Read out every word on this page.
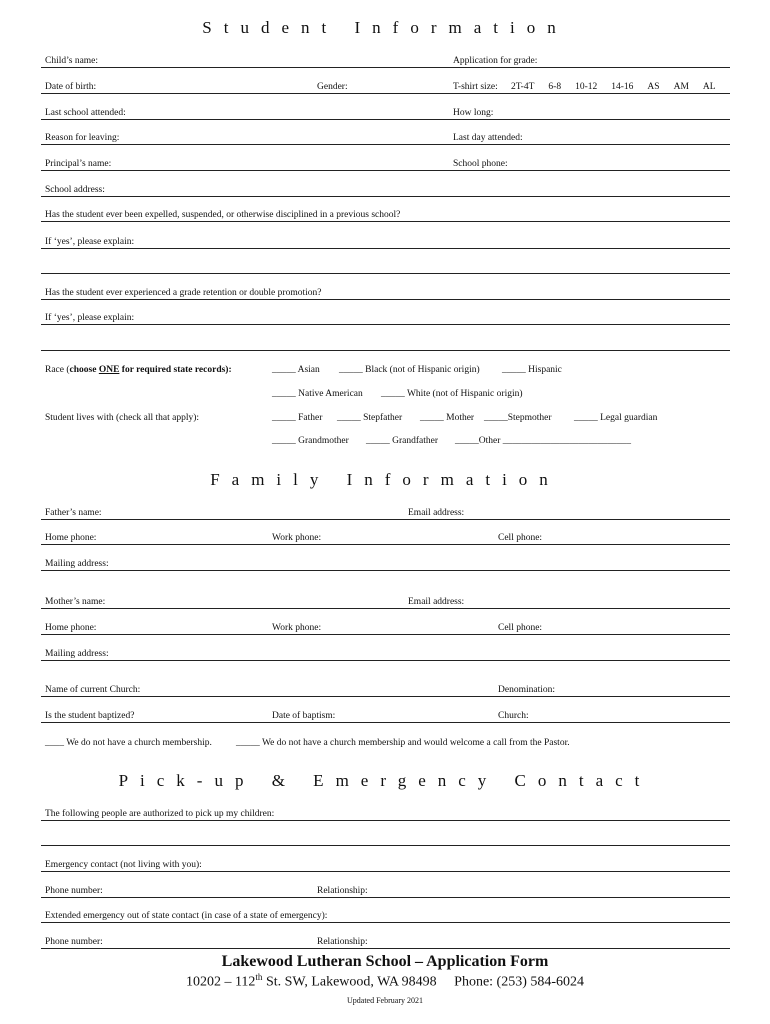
Student Information
Child’s name:	Application for grade:
Date of birth:	Gender:	T-shirt size: 2T-4T 6-8 10-12 14-16 AS AM AL
Last school attended:	How long:
Reason for leaving:	Last day attended:
Principal’s name:	School phone:
School address:
Has the student ever been expelled, suspended, or otherwise disciplined in a previous school?
If ‘yes’, please explain:
Has the student ever experienced a grade retention or double promotion?
If ‘yes’, please explain:
Race (choose ONE for required state records):	_____ Asian _____ Black (not of Hispanic origin) _____ Hispanic
_____ Native American _____ White (not of Hispanic origin)
Student lives with (check all that apply):	_____ Father _____ Stepfather _____ Mother _____Stepmother _____ Legal guardian
_____ Grandmother _____ Grandfather _____Other ___________________________
Family Information
Father’s name:	Email address:
Home phone:	Work phone:	Cell phone:
Mailing address:
Mother’s name:	Email address:
Home phone:	Work phone:	Cell phone:
Mailing address:
Name of current Church:	Denomination:
Is the student baptized?	Date of baptism:	Church:
____ We do not have a church membership.	_____ We do not have a church membership and would welcome a call from the Pastor.
Pick-up & Emergency Contact
The following people are authorized to pick up my children:
Emergency contact (not living with you):
Phone number:	Relationship:
Extended emergency out of state contact (in case of a state of emergency):
Phone number:	Relationship:
Lakewood Lutheran School – Application Form
10202 – 112th St. SW, Lakewood, WA 98498 Phone: (253) 584-6024
Updated February 2021
